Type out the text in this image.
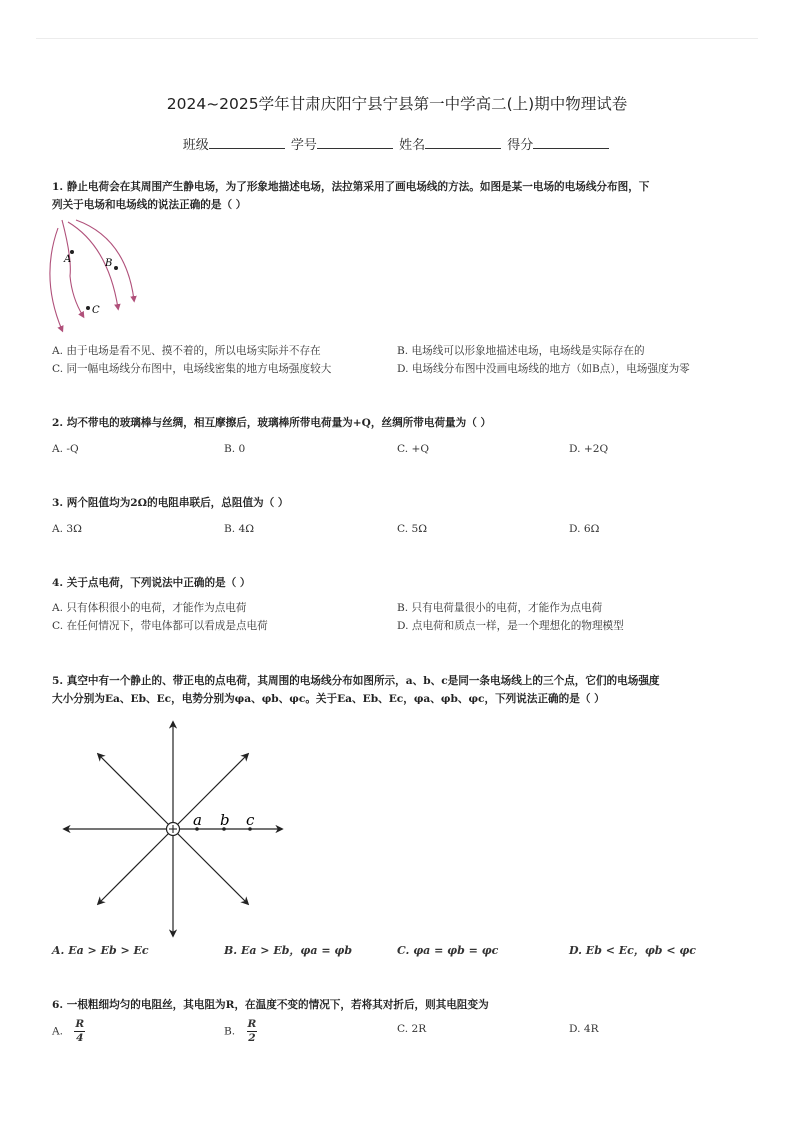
2024~2025学年甘肃庆阳宁县宁县第一中学高二(上)期中物理试卷
班级	学号	姓名	得分
1. 静止电荷会在其周围产生静电场，为了形象地描述电场，法拉第采用了画电场线的方法。如图是某一电场的电场线分布图，下
列关于电场和电场线的说法正确的是（ ）
A	B
C
A. 由于电场是看不见、摸不着的，所以电场实际并不存在	B. 电场线可以形象地描述电场，电场线是实际存在的
C. 同一幅电场线分布图中，电场线密集的地方电场强度较大	D. 电场线分布图中没画电场线的地方（如B点），电场强度为零
2. 均不带电的玻璃棒与丝绸，相互摩擦后，玻璃棒所带电荷量为+Q，丝绸所带电荷量为（ ）
A. -Q	B. 0	C. +Q	D. +2Q
3. 两个阻值均为2Ω的电阻串联后，总阻值为（ ）
A. 3Ω	B. 4Ω	C. 5Ω	D. 6Ω
4. 关于点电荷，下列说法中正确的是（ ）
A. 只有体积很小的电荷，才能作为点电荷	B. 只有电荷量很小的电荷，才能作为点电荷
C. 在任何情况下，带电体都可以看成是点电荷	D. 点电荷和质点一样，是一个理想化的物理模型
5. 真空中有一个静止的、带正电的点电荷，其周围的电场线分布如图所示，a、b、c是同一条电场线上的三个点，它们的电场强度
大小分别为Ea、Eb、Ec，电势分别为φa、φb、φc。关于Ea、Eb、Ec，φa、φb、φc，下列说法正确的是（ ）
a b c
A. Ea > Eb > Ec	B. Ea > Eb，φa = φb	C. φa = φb = φc	D. Eb < Ec，φb < φc
6. 一根粗细均匀的电阻丝，其电阻为R，在温度不变的情况下，若将其对折后，则其电阻变为
A. $\frac{R}{4}$	B. $\frac{R}{2}$	C. 2R	D. 4R
